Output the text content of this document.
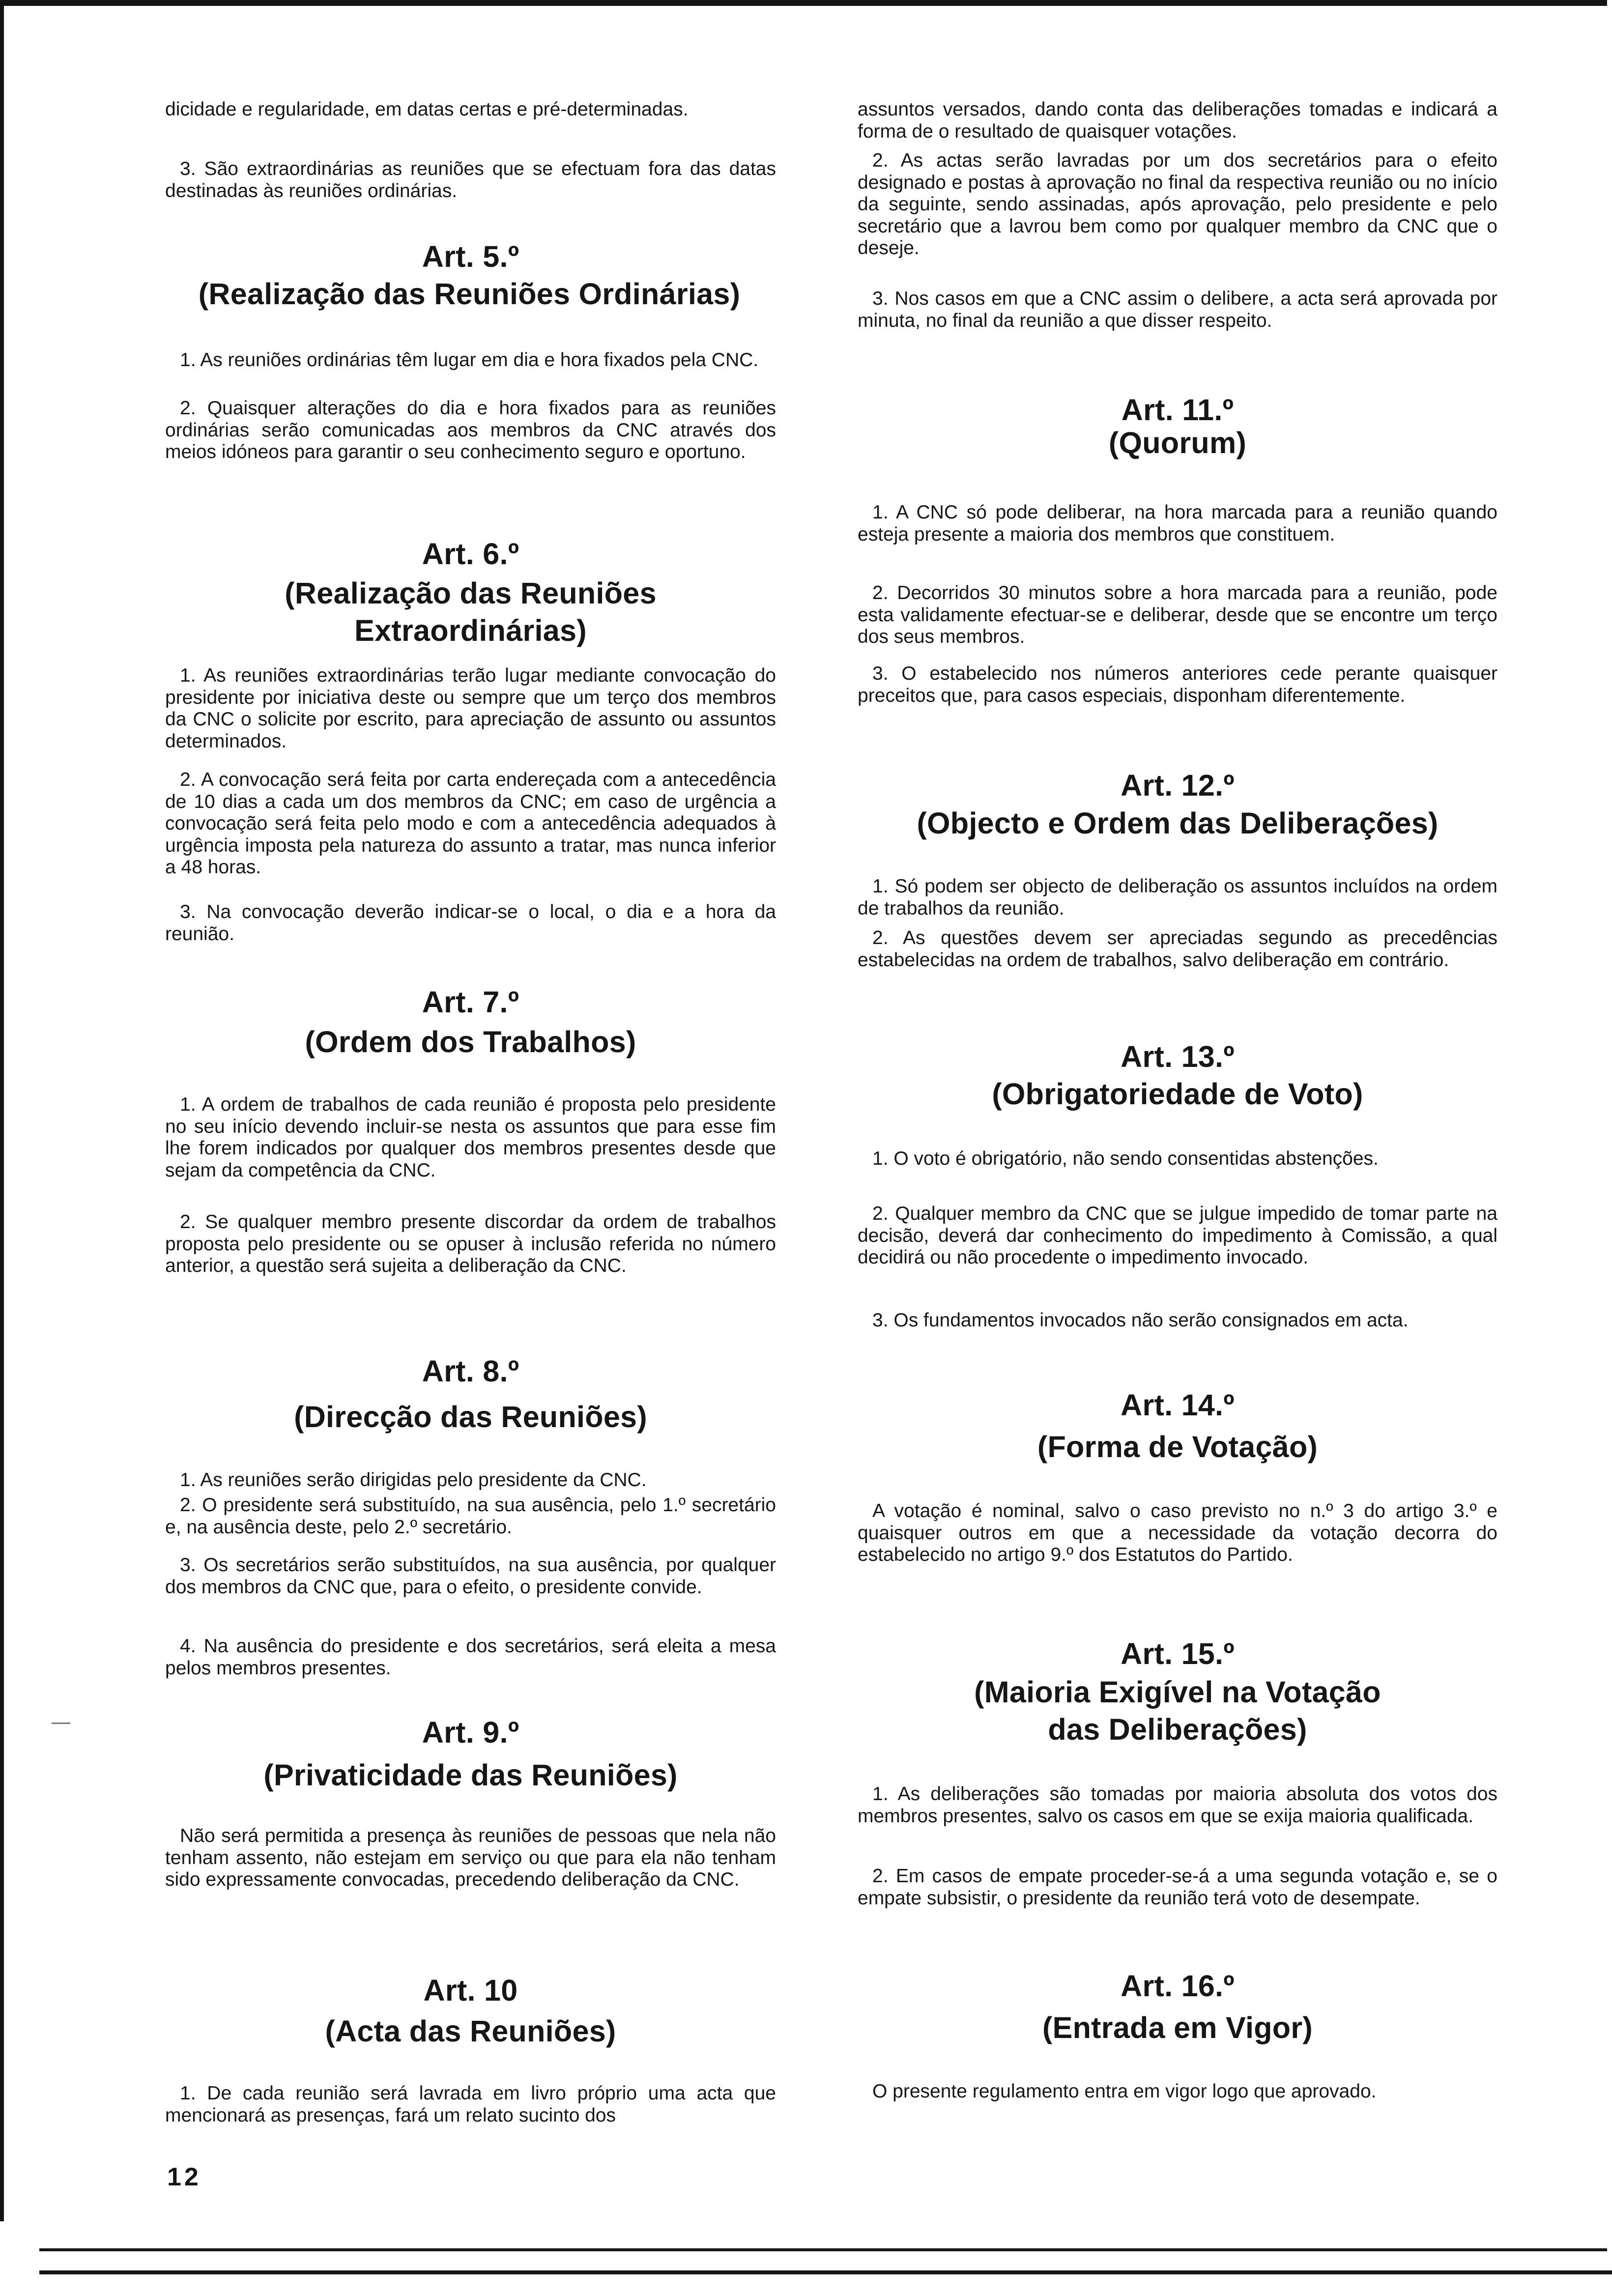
dicidade e regularidade, em datas certas e pré-determinadas.
3. São extraordinárias as reuniões que se efectuam fora das datas destinadas às reuniões ordinárias.
Art. 5.º
(Realização das Reuniões Ordinárias)
1. As reuniões ordinárias têm lugar em dia e hora fixados pela CNC.
2. Quaisquer alterações do dia e hora fixados para as reuniões ordinárias serão comunicadas aos membros da CNC através dos meios idóneos para garantir o seu conhecimento seguro e oportuno.
Art. 6.º
(Realização das Reuniões
Extraordinárias)
1. As reuniões extraordinárias terão lugar mediante convocação do presidente por iniciativa deste ou sempre que um terço dos membros da CNC o solicite por escrito, para apreciação de assunto ou assuntos determinados.
2. A convocação será feita por carta endereçada com a antecedência de 10 dias a cada um dos membros da CNC; em caso de urgência a convocação será feita pelo modo e com a antecedência adequados à urgência imposta pela natureza do assunto a tratar, mas nunca inferior a 48 horas.
3. Na convocação deverão indicar-se o local, o dia e a hora da reunião.
Art. 7.º
(Ordem dos Trabalhos)
1. A ordem de trabalhos de cada reunião é proposta pelo presidente no seu início devendo incluir-se nesta os assuntos que para esse fim lhe forem indicados por qualquer dos membros presentes desde que sejam da competência da CNC.
2. Se qualquer membro presente discordar da ordem de trabalhos proposta pelo presidente ou se opuser à inclusão referida no número anterior, a questão será sujeita a deliberação da CNC.
Art. 8.º
(Direcção das Reuniões)
1. As reuniões serão dirigidas pelo presidente da CNC.
2. O presidente será substituído, na sua ausência, pelo 1.º secretário e, na ausência deste, pelo 2.º secretário.
3. Os secretários serão substituídos, na sua ausência, por qualquer dos membros da CNC que, para o efeito, o presidente convide.
4. Na ausência do presidente e dos secretários, será eleita a mesa pelos membros presentes.
Art. 9.º
(Privaticidade das Reuniões)
Não será permitida a presença às reuniões de pessoas que nela não tenham assento, não estejam em serviço ou que para ela não tenham sido expressamente convocadas, precedendo deliberação da CNC.
Art. 10
(Acta das Reuniões)
1. De cada reunião será lavrada em livro próprio uma acta que mencionará as presenças, fará um relato sucinto dos
assuntos versados, dando conta das deliberações tomadas e indicará a forma de o resultado de quaisquer votações.
2. As actas serão lavradas por um dos secretários para o efeito designado e postas à aprovação no final da respectiva reunião ou no início da seguinte, sendo assinadas, após aprovação, pelo presidente e pelo secretário que a lavrou bem como por qualquer membro da CNC que o deseje.
3. Nos casos em que a CNC assim o delibere, a acta será aprovada por minuta, no final da reunião a que disser respeito.
Art. 11.º
(Quorum)
1. A CNC só pode deliberar, na hora marcada para a reunião quando esteja presente a maioria dos membros que constituem.
2. Decorridos 30 minutos sobre a hora marcada para a reunião, pode esta validamente efectuar-se e deliberar, desde que se encontre um terço dos seus membros.
3. O estabelecido nos números anteriores cede perante quaisquer preceitos que, para casos especiais, disponham diferentemente.
Art. 12.º
(Objecto e Ordem das Deliberações)
1. Só podem ser objecto de deliberação os assuntos incluídos na ordem de trabalhos da reunião.
2. As questões devem ser apreciadas segundo as precedências estabelecidas na ordem de trabalhos, salvo deliberação em contrário.
Art. 13.º
(Obrigatoriedade de Voto)
1. O voto é obrigatório, não sendo consentidas abstenções.
2. Qualquer membro da CNC que se julgue impedido de tomar parte na decisão, deverá dar conhecimento do impedimento à Comissão, a qual decidirá ou não procedente o impedimento invocado.
3. Os fundamentos invocados não serão consignados em acta.
Art. 14.º
(Forma de Votação)
A votação é nominal, salvo o caso previsto no n.º 3 do artigo 3.º e quaisquer outros em que a necessidade da votação decorra do estabelecido no artigo 9.º dos Estatutos do Partido.
Art. 15.º
(Maioria Exigível na Votação
das Deliberações)
1. As deliberações são tomadas por maioria absoluta dos votos dos membros presentes, salvo os casos em que se exija maioria qualificada.
2. Em casos de empate proceder-se-á a uma segunda votação e, se o empate subsistir, o presidente da reunião terá voto de desempate.
Art. 16.º
(Entrada em Vigor)
O presente regulamento entra em vigor logo que aprovado.
12
